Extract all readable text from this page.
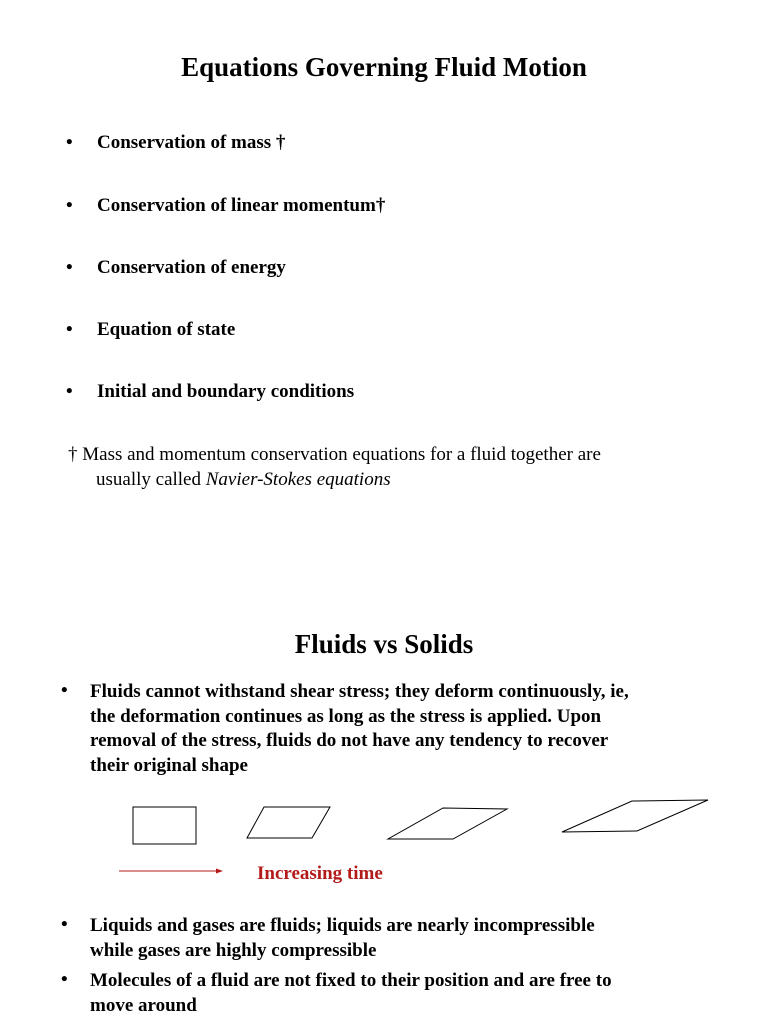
Equations Governing Fluid Motion
• Conservation of mass †
• Conservation of linear momentum†
• Conservation of energy
• Equation of state
• Initial and boundary conditions
† Mass and momentum conservation equations for a fluid together are
usually called Navier-Stokes equations
Fluids vs Solids
• Fluids cannot withstand shear stress; they deform continuously, ie,
the deformation continues as long as the stress is applied. Upon
removal of the stress, fluids do not have any tendency to recover
their original shape
Increasing time
• Liquids and gases are fluids; liquids are nearly incompressible
while gases are highly compressible
• Molecules of a fluid are not fixed to their position and are free to
move around
